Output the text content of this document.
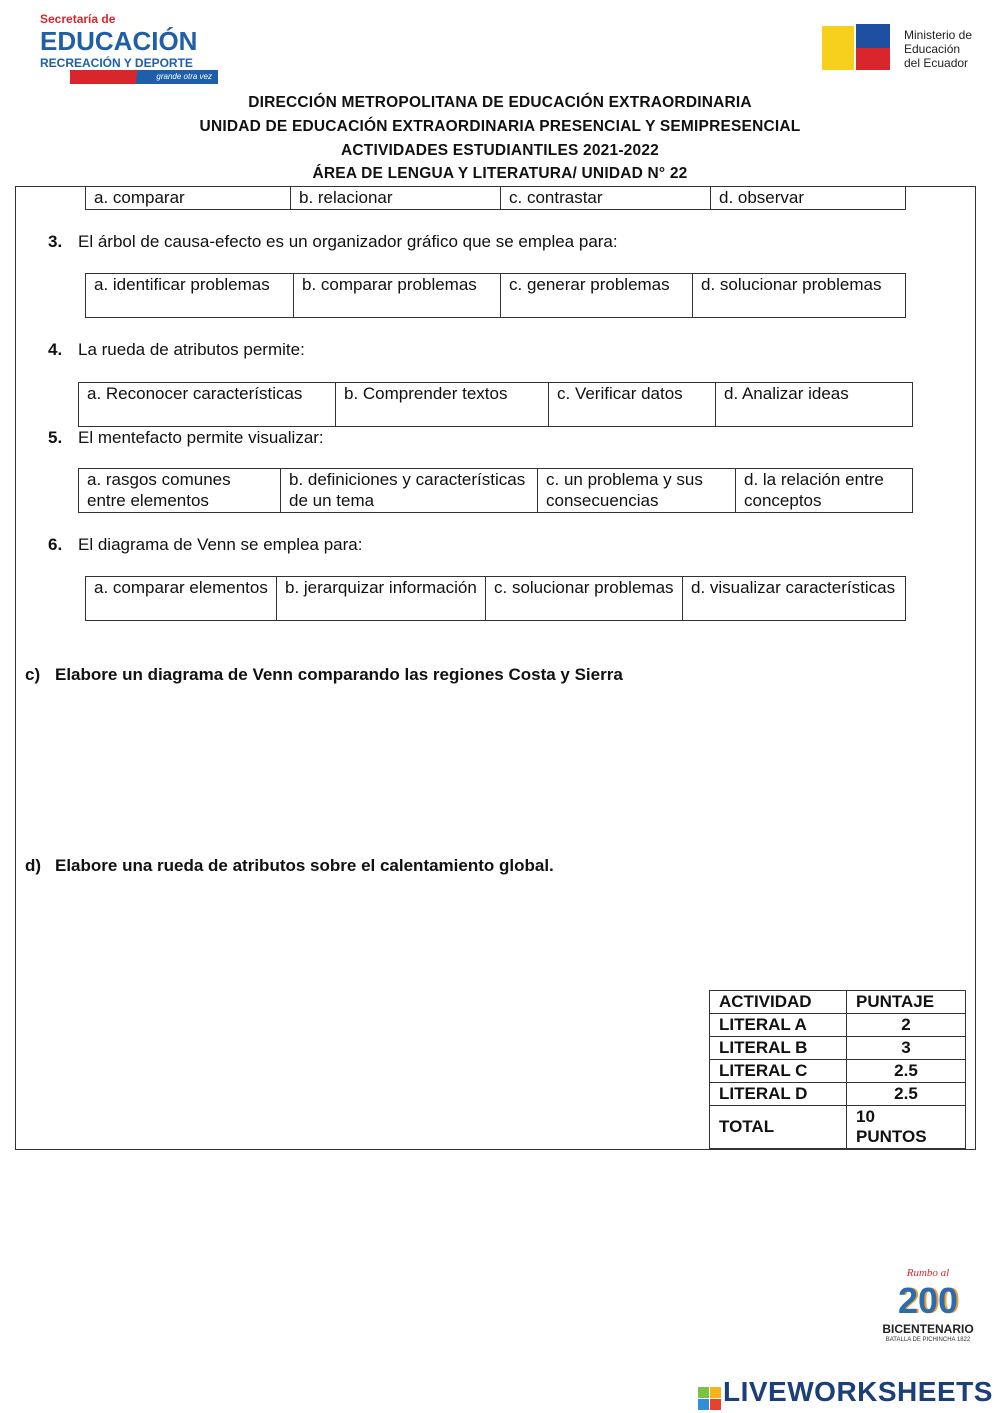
Secretaría de
EDUCACIÓN
RECREACIÓN Y DEPORTE
grande otra vez
Ministerio de
Educación
del Ecuador
DIRECCIÓN METROPOLITANA DE EDUCACIÓN EXTRAORDINARIA
UNIDAD DE EDUCACIÓN EXTRAORDINARIA PRESENCIAL Y SEMIPRESENCIAL
ACTIVIDADES ESTUDIANTILES 2021-2022
ÁREA DE LENGUA Y LITERATURA/ UNIDAD N° 22
a. comparar	b. relacionar	c. contrastar	d. observar
3. El árbol de causa-efecto es un organizador gráfico que se emplea para:
a. identificar problemas	b. comparar problemas	c. generar problemas	d. solucionar problemas
4. La rueda de atributos permite:
a. Reconocer características	b. Comprender textos	c. Verificar datos	d. Analizar ideas
5. El mentefacto permite visualizar:
a. rasgos comunes entre elementos	b. definiciones y características de un tema	c. un problema y sus consecuencias	d. la relación entre conceptos
6. El diagrama de Venn se emplea para:
a. comparar elementos	b. jerarquizar información	c. solucionar problemas	d. visualizar características
c) Elabore un diagrama de Venn comparando las regiones Costa y Sierra
d) Elabore una rueda de atributos sobre el calentamiento global.
ACTIVIDAD	PUNTAJE
LITERAL A	2
LITERAL B	3
LITERAL C	2.5
LITERAL D	2.5
TOTAL	10 PUNTOS
Rumbo al
200
BICENTENARIO
BATALLA DE PICHINCHA 1822
LIVEWORKSHEETS
